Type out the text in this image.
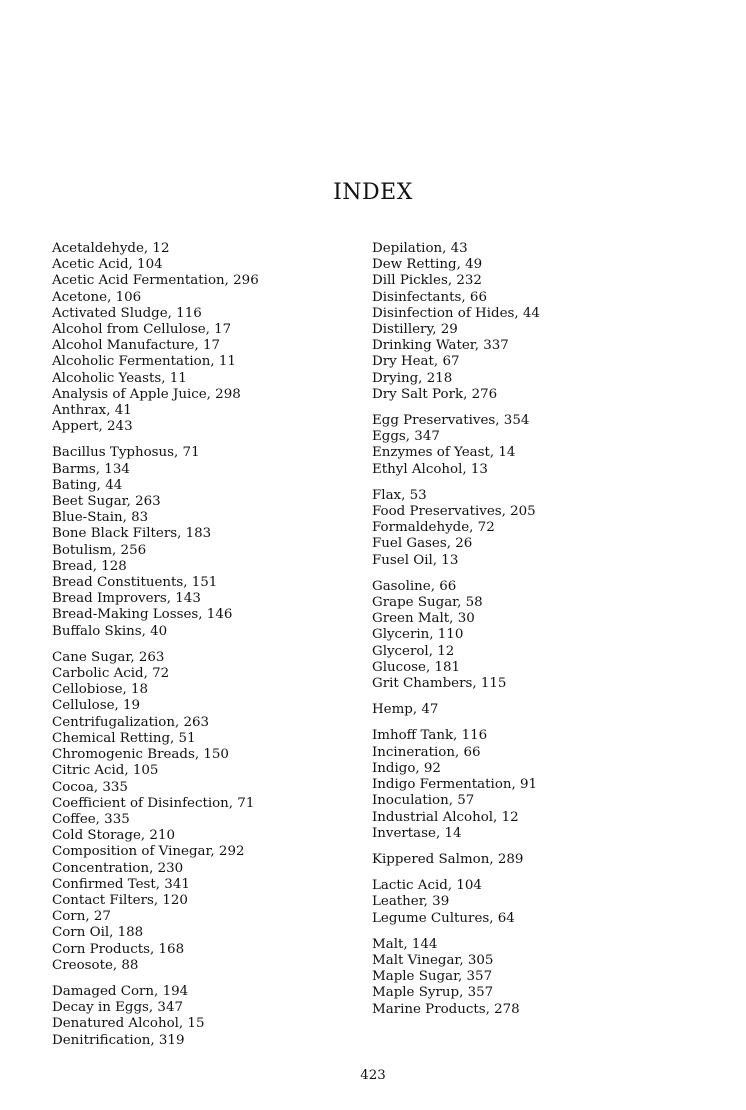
INDEX
Acetaldehyde, 12
Acetic Acid, 104
Acetic Acid Fermentation, 296
Acetone, 106
Activated Sludge, 116
Alcohol from Cellulose, 17
Alcohol Manufacture, 17
Alcoholic Fermentation, 11
Alcoholic Yeasts, 11
Analysis of Apple Juice, 298
Anthrax, 41
Appert, 243
Bacillus Typhosus, 71
Barms, 134
Bating, 44
Beet Sugar, 263
Blue-Stain, 83
Bone Black Filters, 183
Botulism, 256
Bread, 128
Bread Constituents, 151
Bread Improvers, 143
Bread-Making Losses, 146
Buffalo Skins, 40
Cane Sugar, 263
Carbolic Acid, 72
Cellobiose, 18
Cellulose, 19
Centrifugalization, 263
Chemical Retting, 51
Chromogenic Breads, 150
Citric Acid, 105
Cocoa, 335
Coefficient of Disinfection, 71
Coffee, 335
Cold Storage, 210
Composition of Vinegar, 292
Concentration, 230
Confirmed Test, 341
Contact Filters, 120
Corn, 27
Corn Oil, 188
Corn Products, 168
Creosote, 88
Damaged Corn, 194
Decay in Eggs, 347
Denatured Alcohol, 15
Denitrification, 319
Depilation, 43
Dew Retting, 49
Dill Pickles, 232
Disinfectants, 66
Disinfection of Hides, 44
Distillery, 29
Drinking Water, 337
Dry Heat, 67
Drying, 218
Dry Salt Pork, 276
Egg Preservatives, 354
Eggs, 347
Enzymes of Yeast, 14
Ethyl Alcohol, 13
Flax, 53
Food Preservatives, 205
Formaldehyde, 72
Fuel Gases, 26
Fusel Oil, 13
Gasoline, 66
Grape Sugar, 58
Green Malt, 30
Glycerin, 110
Glycerol, 12
Glucose, 181
Grit Chambers, 115
Hemp, 47
Imhoff Tank, 116
Incineration, 66
Indigo, 92
Indigo Fermentation, 91
Inoculation, 57
Industrial Alcohol, 12
Invertase, 14
Kippered Salmon, 289
Lactic Acid, 104
Leather, 39
Legume Cultures, 64
Malt, 144
Malt Vinegar, 305
Maple Sugar, 357
Maple Syrup, 357
Marine Products, 278
423
